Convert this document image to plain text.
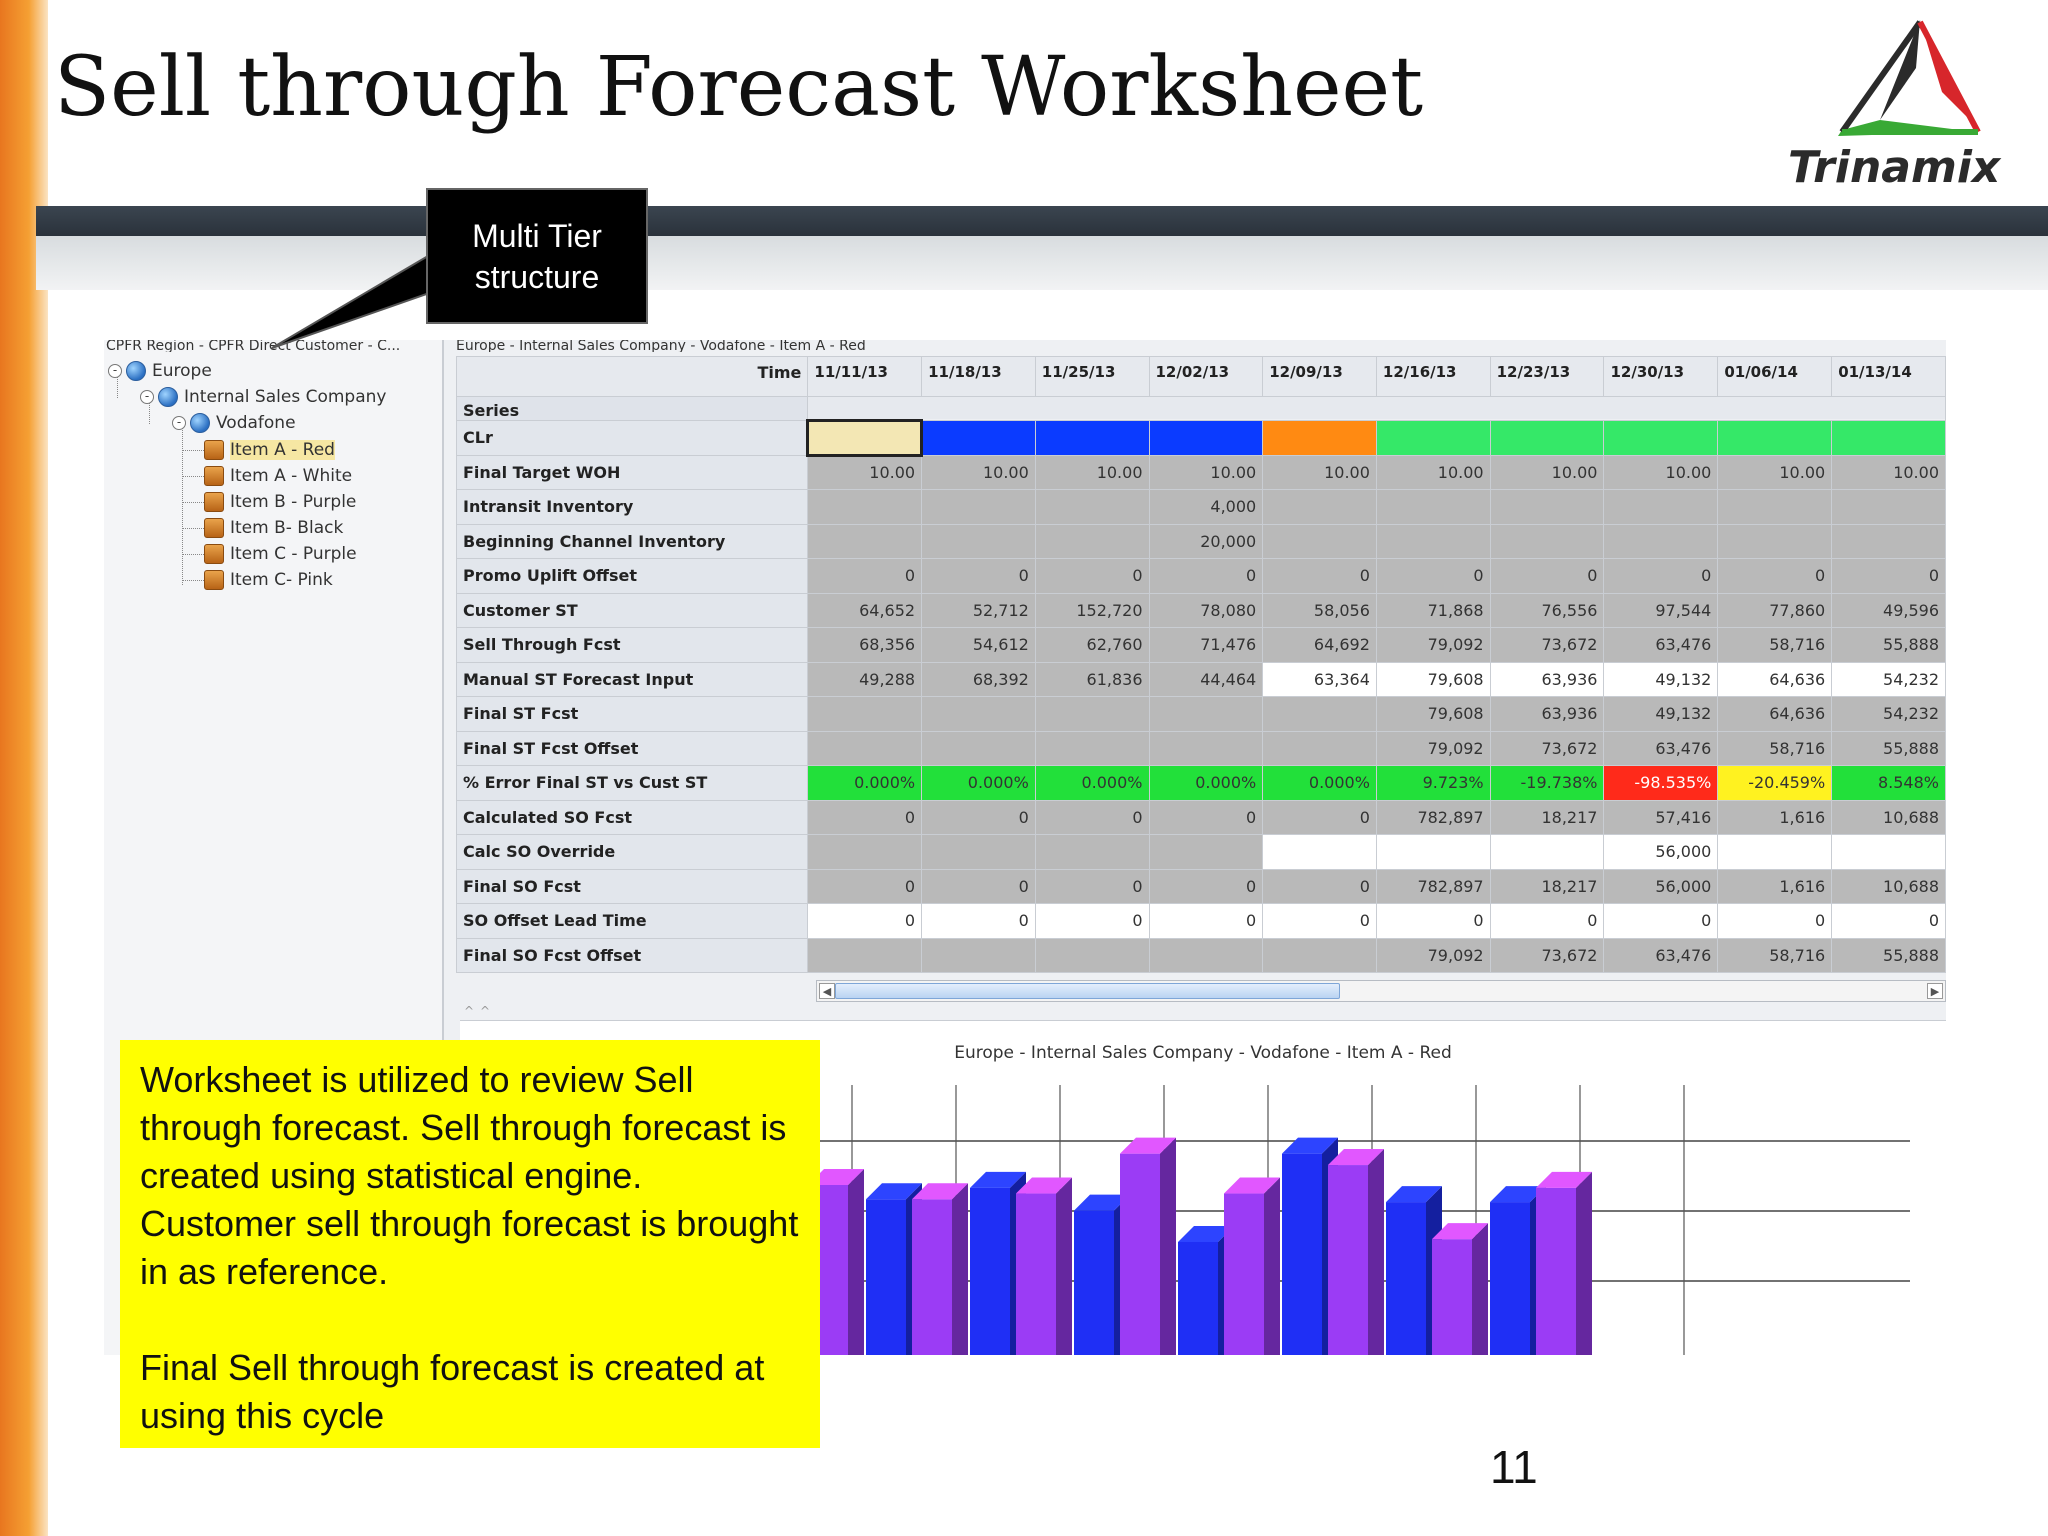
Sell through Forecast Worksheet
Trinamix
Multi Tier
structure
CPFR Region - CPFR Direct Customer - C...
- Europe
- Internal Sales Company
- Vodafone
Item A - Red
Item A - White
Item B - Purple
Item B- Black
Item C - Purple
Item C- Pink
Europe - Internal Sales Company - Vodafone - Item A - Red
Time	11/11/13	11/18/13	11/25/13	12/02/13	12/09/13	12/16/13	12/23/13	12/30/13	01/06/14	01/13/14
Series										
CLr										
Final Target WOH	10.00	10.00	10.00	10.00	10.00	10.00	10.00	10.00	10.00	10.00
Intransit Inventory				4,000						
Beginning Channel Inventory				20,000						
Promo Uplift Offset	0	0	0	0	0	0	0	0	0	0
Customer ST	64,652	52,712	152,720	78,080	58,056	71,868	76,556	97,544	77,860	49,596
Sell Through Fcst	68,356	54,612	62,760	71,476	64,692	79,092	73,672	63,476	58,716	55,888
Manual ST Forecast Input	49,288	68,392	61,836	44,464	63,364	79,608	63,936	49,132	64,636	54,232
Final ST Fcst						79,608	63,936	49,132	64,636	54,232
Final ST Fcst Offset						79,092	73,672	63,476	58,716	55,888
% Error Final ST vs Cust ST	0.000%	0.000%	0.000%	0.000%	0.000%	9.723%	-19.738%	-98.535%	-20.459%	8.548%
Calculated SO Fcst	0	0	0	0	0	782,897	18,217	57,416	1,616	10,688
Calc SO Override								56,000		
Final SO Fcst	0	0	0	0	0	782,897	18,217	56,000	1,616	10,688
SO Offset Lead Time	0	0	0	0	0	0	0	0	0	0
Final SO Fcst Offset						79,092	73,672	63,476	58,716	55,888
◀	▶
^^
Europe - Internal Sales Company - Vodafone - Item A - Red

Worksheet is utilized to review Sell through forecast. Sell through forecast is created using statistical engine. Customer sell through forecast is brought in as reference.

Final Sell through forecast is created at using this cycle

11
